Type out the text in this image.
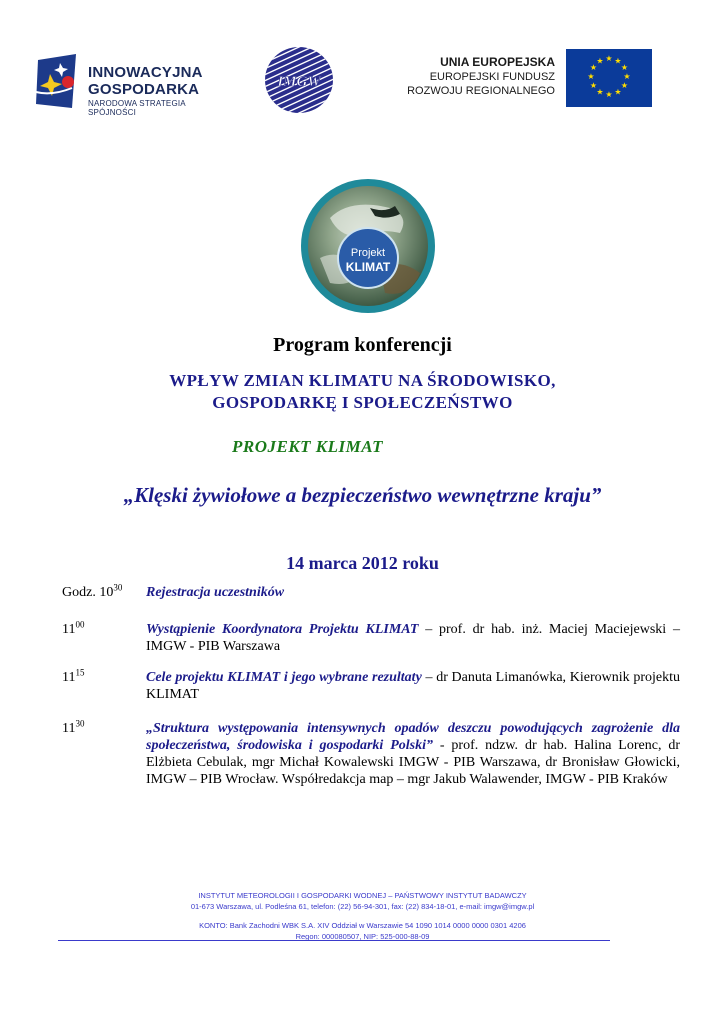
INNOWACYJNA
GOSPODARKA
NARODOWA STRATEGIA SPÓJNOŚCI
IMGW
UNIA EUROPEJSKA
EUROPEJSKI FUNDUSZ
ROZWOJU REGIONALNEGO
★ ★
★
★
★
★
★
★
★
★
★
★
Projekt
KLIMAT
Program konferencji
WPŁYW ZMIAN KLIMATU NA ŚRODOWISKO,
GOSPODARKĘ I SPOŁECZEŃSTWO
PROJEKT KLIMAT
„Klęski żywiołowe a bezpieczeństwo wewnętrzne kraju”
14 marca 2012 roku
Godz. $10^{30}$	Rejestracja uczestników
$11^{00}$	Wystąpienie Koordynatora Projektu KLIMAT – prof. dr hab. inż. Maciej Maciejewski – IMGW - PIB Warszawa
$11^{15}$	Cele projektu KLIMAT i jego wybrane rezultaty – dr Danuta Limanówka, Kierownik projektu KLIMAT
$11^{30}$	„Struktura występowania intensywnych opadów deszczu powodujących zagrożenie dla społeczeństwa, środowiska i gospodarki Polski” - prof. ndzw. dr hab. Halina Lorenc, dr Elżbieta Cebulak, mgr Michał Kowalewski IMGW - PIB Warszawa, dr Bronisław Głowicki, IMGW – PIB Wrocław. Współredakcja map – mgr Jakub Walawender, IMGW - PIB Kraków
INSTYTUT METEOROLOGII I GOSPODARKI WODNEJ – PAŃSTWOWY INSTYTUT BADAWCZY
01-673 Warszawa, ul. Podleśna 61, telefon: (22) 56-94-301, fax: (22) 834-18-01, e-mail: imgw@imgw.pl
KONTO: Bank Zachodni WBK S.A. XIV Oddział w Warszawie 54 1090 1014 0000 0000 0301 4206
Regon: 000080507, NIP: 525-000-88-09
